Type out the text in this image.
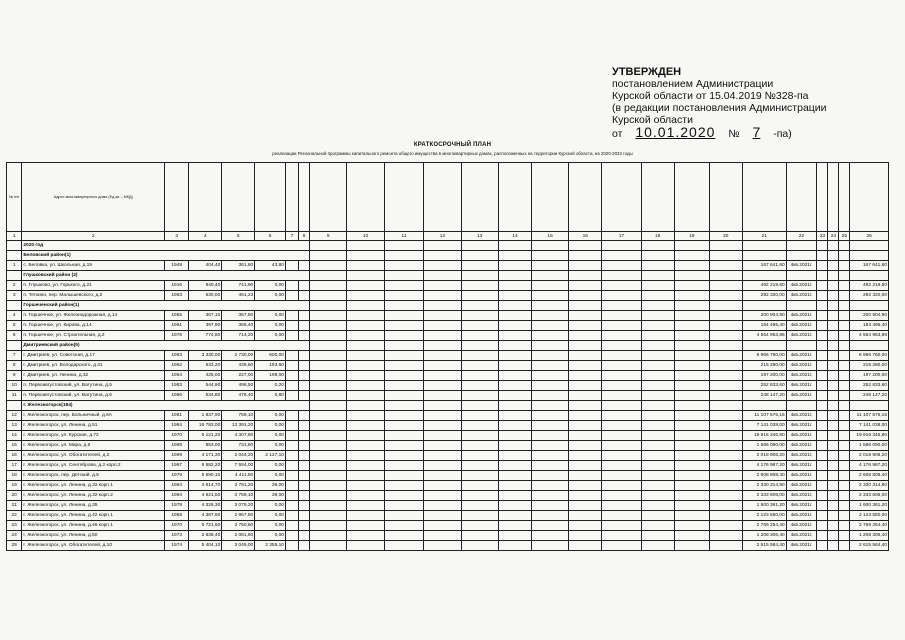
УТВЕРЖДЕН
постановлением Администрации
Курской области от 15.04.2019 №328-па
(в редакции постановления Администрации
Курской области
от 10.01.2020 № 7 -па)
КРАТКОСРОЧНЫЙ ПЛАН
реализации Региональной программы капитального ремонта общего имущества в многоквартирных домах, расположенных на территории Курской области, на 2020-2022 годы
№ п/п	Адрес многоквартирного дома (Ед-ки – МКД)																								
1	2	3	4	5	6	7	8	9	10	11	12	13	14	15	16	17	18	19	20	21	22	23	24	25	26
	2020 год																								
	Беловский район(1)																								
1	с. Беловка, ул. Школьная, д.19	1948	404,40	361,60	43,80															167 641,60	4кв.2021г.				167 641,60
	Глушковский район (2)																								
2	п. Глушково, ул. Горького, д.21	1916	940,40	741,90	0,00															492 219,60	4кв.2021г.				492 219,60
3	п. Теткино, пер. Малышевского, д.2	1963	630,00	451,23	0,00															292 320,00	4кв.2021г.				292 320,00
	Горшеченский район(1)																								
4	п. Горшечное, ул. Железнодорожная, д.14	1955	367,10	357,50	0,00															200 904,90	4кв.2021г.				200 904,90
5	п. Горшечное, ул. Кирова, д.14	1961	397,90	365,40	0,00															184 495,40	4кв.2021г.				184 495,40
6	п. Горшечное, ул. Строительная, д.2	1976	774,80	714,20	0,00															4 554 953,86	4кв.2021г.				4 554 953,86
	Дмитриевский район(5)																								
7	г. Дмитриев, ул. Советская, д.17	1983	3 330,00	2 730,00	600,00															6 966 760,00	4кв.2021г.				6 966 760,00
8	г. Дмитриев, ул. Володарского, д.31	1962	633,20	439,60	193,60															215 280,00	4кв.2021г.				215 280,00
9	г. Дмитриев, ул. Ленина, д.32	1954	425,00	227,00	198,00															197 200,00	4кв.2021г.				197 200,00
10	п. Первоавгустовский, ул. Ватутина, д.5	1983	544,90	496,50	0,20															252 833,60	4кв.2021г.				252 833,60
11	п. Первоавгустовский, ул. Ватутина, д.6	1986	534,80	476,40	0,80															248 147,20	4кв.2021г.				248 147,20
	г. Железногорск(184)																								
12	г. Железногорск, пер. Больничный, д.6А	1961	1 837,90	759,10	0,00															11 107 576,16	4кв.2021г.				11 107 576,16
13	г. Железногорск, ул. Ленина, д.51	1984	16 783,00	13 391,20	0,00															7 141 038,00	4кв.2021г.				7 141 038,00
14	г. Железногорск, ул. Курская, д.72	1970	5 121,20	4 307,60	0,00															19 916 346,80	4кв.2021г.				19 916 346,80
15	г. Железногорск, ул. Мира, д.6	1969	853,00	731,80	0,00															1 586 090,00	4кв.2021г.				1 586 090,00
16	г. Железногорск, ул. Обогатителей, д.2	1969	4 171,30	2 044,20	2 127,10															2 018 906,20	4кв.2021г.				2 018 906,20
17	г. Железногорск, ул. Сентяброва, д.2 корп.2	1967	9 582,20	7 554,00	0,00															4 176 967,20	4кв.2021г.				4 176 967,20
18	г. Железногорск, пер. Детский, д.5	1979	5 590,10	4 411,50	0,00															2 608 808,40	4кв.2021г.				2 608 808,40
19	г. Железногорск, ул. Ленина, д.32 корп.1	1984	4 614,70	3 791,20	39,00															2 330 314,80	4кв.2021г.				2 330 314,80
20	г. Железногорск, ул. Ленина, д.32 корп.2	1984	4 621,50	3 759,10	39,00															2 333 606,00	4кв.2021г.				2 333 606,00
21	г. Железногорск, ул. Ленина, д.35	1978	4 326,30	3 079,20	0,00															1 600 361,20	4кв.2021г.				1 600 361,20
22	г. Железногорск, ул. Ленина, д.42 корп.1	1968	4 387,50	2 967,50	0,00															2 123 550,00	4кв.2021г.				2 123 550,00
23	г. Железногорск, ул. Ленина, д.46 корп.1	1970	5 721,60	3 750,60	0,00															2 769 254,40	4кв.2021г.				2 769 254,40
24	г. Железногорск, ул. Ленина, д.50	1973	2 838,40	2 081,60	0,00															1 208 306,40	4кв.2021г.				1 208 306,40
25	г. Железногорск, ул. Обогатителей, д.10	1974	5 404,10	3 049,00	2 355,10															2 615 584,40	4кв.2021г.				2 615 584,40
